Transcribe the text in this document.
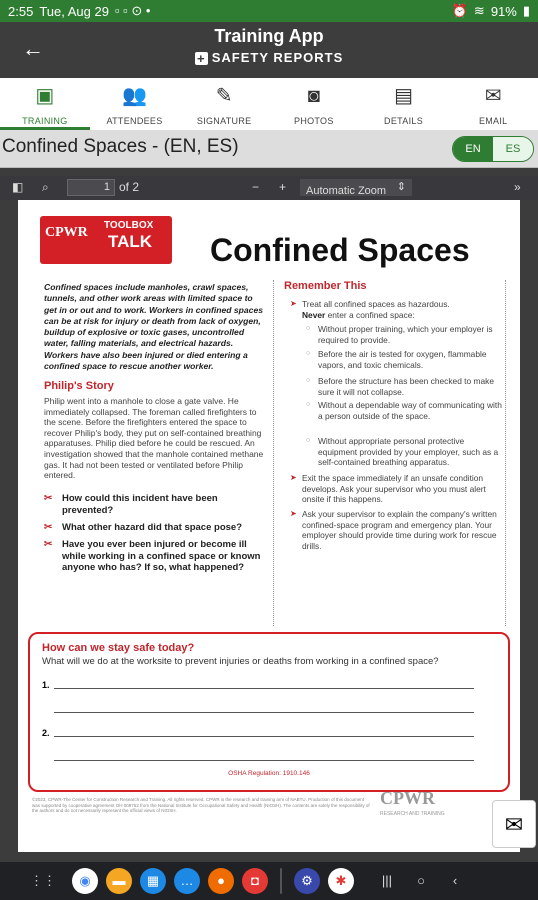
2:55 Tue, Aug 29 ▫ ▫ ⊙ •	⏰ ≋ 91% ▮
←	Training App
+ SAFETY REPORTS
▣
TRAINING
👥
ATTENDEES
✎
SIGNATURE
◙
PHOTOS
▤
DETAILS
✉
EMAIL
Confined Spaces - (EN, ES)	EN	ES
◧ ⌕	1 of 2	− + Automatic Zoom ⇕	»
CPWR TOOLBOX
TALK Confined Spaces
Confined spaces include manholes, crawl spaces, tunnels, and other work areas with limited space to get in or out and to work. Workers in confined spaces can be at risk for injury or death from lack of oxygen, buildup of explosive or toxic gases, uncontrolled water, falling materials, and electrical hazards. Workers have also been injured or died entering a confined space to rescue another worker.
Philip's Story
Philip went into a manhole to close a gate valve. He immediately collapsed. The foreman called firefighters to the scene. Before the firefighters entered the space to recover Philip's body, they put on self-contained breathing apparatuses. Philip died before he could be rescued. An investigation showed that the manhole contained methane gas. It had not been tested or ventilated before Philip entered.
✂ How could this incident have been prevented?
✂ What other hazard did that space pose?
✂ Have you ever been injured or become ill while working in a confined space or known anyone who has? If so, what happened?
Remember This
➤ Treat all confined spaces as hazardous.
Never enter a confined space:
○ Without proper training, which your employer is required to provide.
○ Before the air is tested for oxygen, flammable vapors, and toxic chemicals.
○ Before the structure has been checked to make sure it will not collapse.
○ Without a dependable way of communicating with a person outside of the space.
○ Without appropriate personal protective equipment provided by your employer, such as a self-contained breathing apparatus.
➤ Exit the space immediately if an unsafe condition develops. Ask your supervisor who you must alert onsite if this happens.
➤ Ask your supervisor to explain the company's written confined-space program and emergency plan. Your employer should provide time during work for rescue drills.
How can we stay safe today?
What will we do at the worksite to prevent injuries or deaths from working in a confined space?
1.
2.
OSHA Regulation: 1910.146
©2023, CPWR-The Center for Construction Research and Training. All rights reserved. CPWR is the research and training arm of NABTU. Production of this document was supported by cooperative agreement OH 009762 from the National Institute for Occupational Safety and Health (NIOSH). The contents are solely the responsibility of the authors and do not necessarily represent the official views of NIOSH.
CPWR
RESEARCH AND TRAINING	✉
⋮⋮	◉	▬	▦	…	●	◘	⚙	✱	|||	○	‹
